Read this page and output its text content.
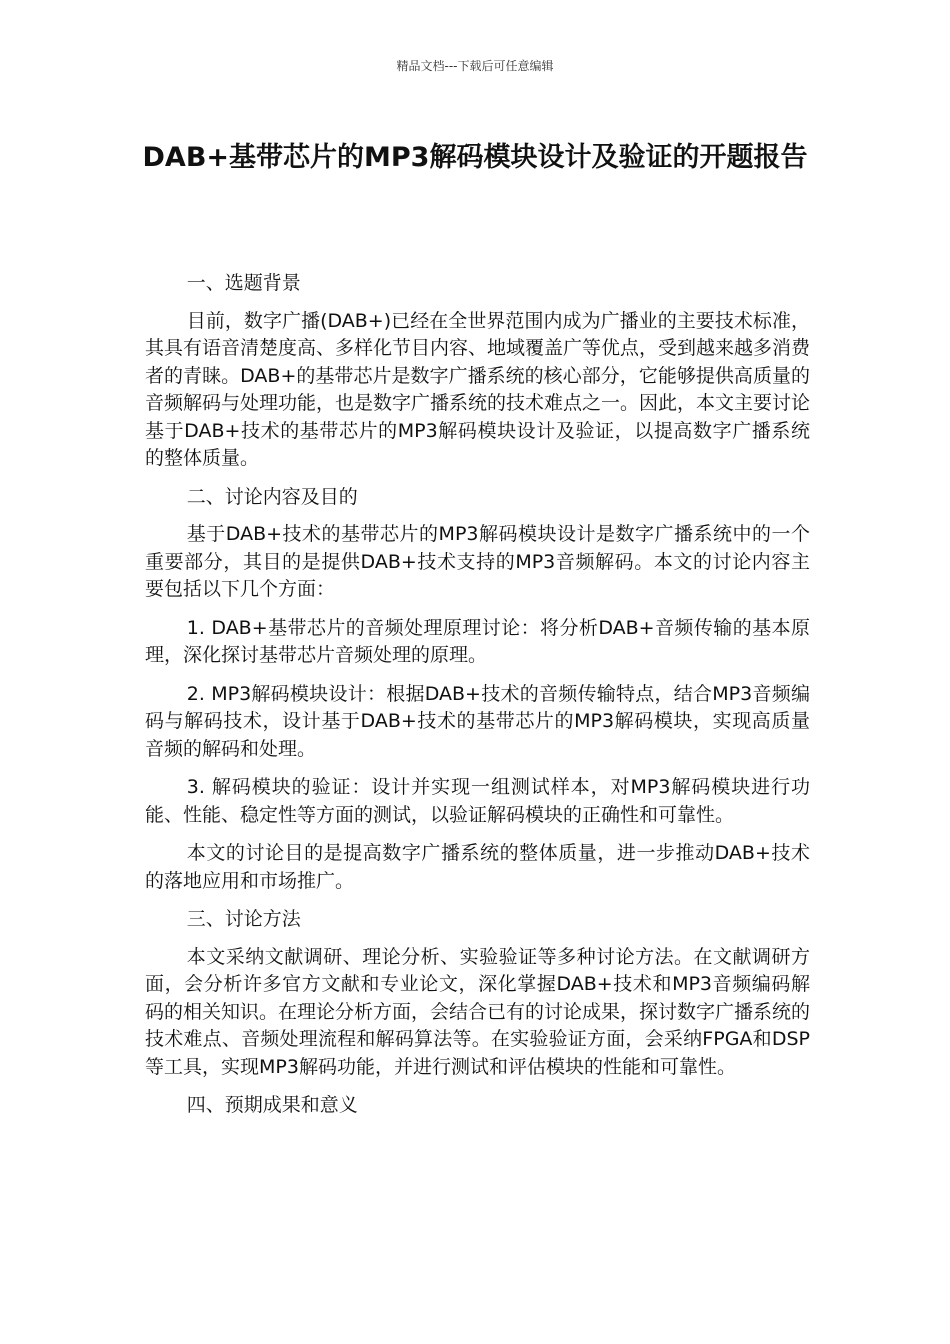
精品文档---下载后可任意编辑
DAB+基带芯片的MP3解码模块设计及验证的开题报告

一、选题背景

目前，数字广播(DAB+)已经在全世界范围内成为广播业的主要技术标准，其具有语音清楚度高、多样化节目内容、地域覆盖广等优点，受到越来越多消费者的青睐。DAB+的基带芯片是数字广播系统的核心部分，它能够提供高质量的音频解码与处理功能，也是数字广播系统的技术难点之一。因此，本文主要讨论基于DAB+技术的基带芯片的MP3解码模块设计及验证，以提高数字广播系统的整体质量。

二、讨论内容及目的

基于DAB+技术的基带芯片的MP3解码模块设计是数字广播系统中的一个重要部分，其目的是提供DAB+技术支持的MP3音频解码。本文的讨论内容主要包括以下几个方面：

1. DAB+基带芯片的音频处理原理讨论：将分析DAB+音频传输的基本原理，深化探讨基带芯片音频处理的原理。

2. MP3解码模块设计：根据DAB+技术的音频传输特点，结合MP3音频编码与解码技术，设计基于DAB+技术的基带芯片的MP3解码模块，实现高质量音频的解码和处理。

3. 解码模块的验证：设计并实现一组测试样本，对MP3解码模块进行功能、性能、稳定性等方面的测试，以验证解码模块的正确性和可靠性。

本文的讨论目的是提高数字广播系统的整体质量，进一步推动DAB+技术的落地应用和市场推广。

三、讨论方法

本文采纳文献调研、理论分析、实验验证等多种讨论方法。在文献调研方面，会分析许多官方文献和专业论文，深化掌握DAB+技术和MP3音频编码解码的相关知识。在理论分析方面，会结合已有的讨论成果，探讨数字广播系统的技术难点、音频处理流程和解码算法等。在实验验证方面，会采纳FPGA和DSP等工具，实现MP3解码功能，并进行测试和评估模块的性能和可靠性。

四、预期成果和意义
